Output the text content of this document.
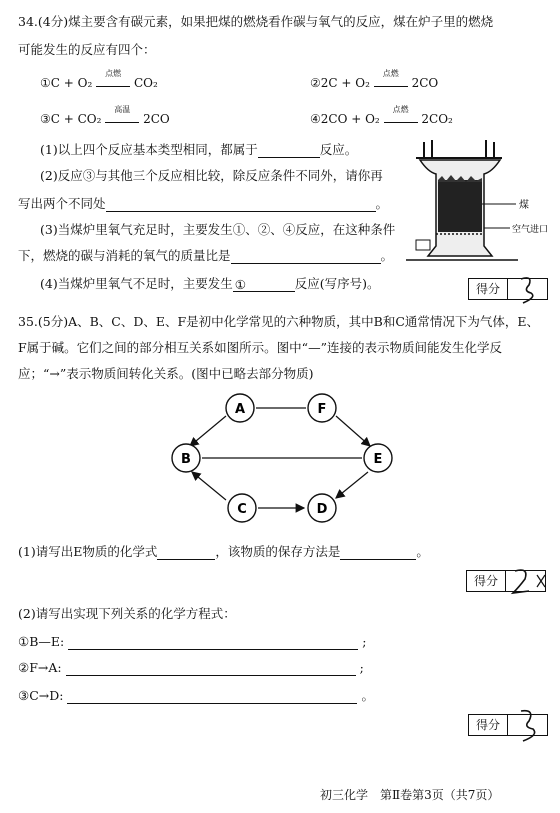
34.(4分)煤主要含有碳元素，如果把煤的燃烧看作碳与氧气的反应，煤在炉子里的燃烧
可能发生的反应有四个：
①C + O₂
点燃
CO₂	②2C + O₂
点燃
2CO
③C + CO₂
高温
2CO	④2CO + O₂
点燃
2CO₂
(1)以上四个反应基本类型相同，都属于	反应。
(2)反应③与其他三个反应相比较，除反应条件不同外，请你再
写出两个不同处	。
(3)当煤炉里氧气充足时，主要发生①、②、④反应，在这种条件
下，燃烧的碳与消耗的氧气的质量比是	。
(4)当煤炉里氧气不足时，主要发生 ①	反应(写序号)。
煤
空气进口
得分
35.(5分)A、B、C、D、E、F是初中化学常见的六种物质，其中B和C通常情况下为气体，E、
F属于碱。它们之间的部分相互关系如图所示。图中“—”连接的表示物质间能发生化学反
应；“→”表示物质间转化关系。(图中已略去部分物质)
A	F
B	E
C	D
(1)请写出E物质的化学式	，该物质的保存方法是	。
得分
(2)请写出实现下列关系的化学方程式：
①B—E:	;
②F→A:	;
③C→D:	。
得分
初三化学　第Ⅱ卷第3页（共7页）
